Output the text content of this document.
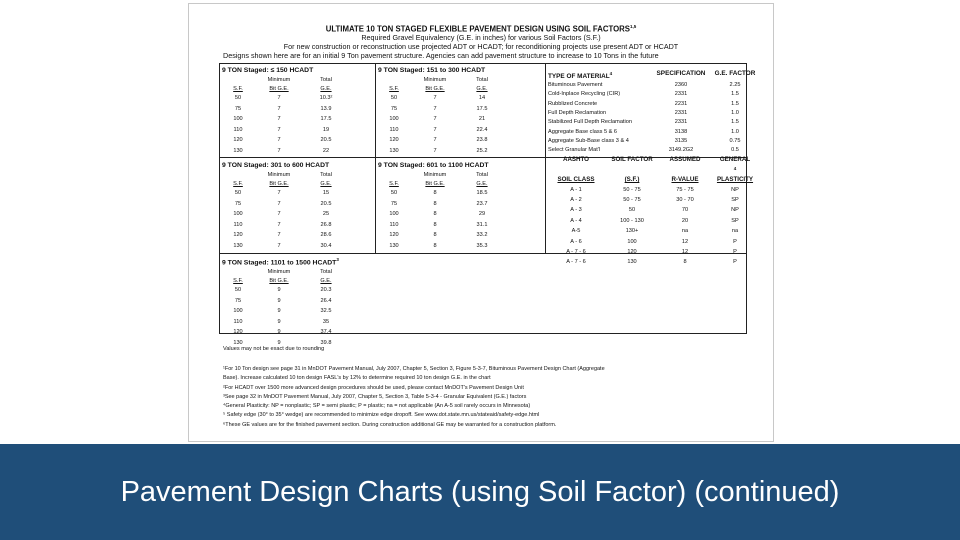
ULTIMATE 10 TON STAGED FLEXIBLE PAVEMENT DESIGN USING SOIL FACTORS$^{1,5}$
Required Gravel Equivalency (G.E. in inches) for various Soil Factors (S.F.)
For new construction or reconstruction use projected ADT or HCADT; for reconditioning projects use present ADT or HCADT
Designs shown here are for an initial 9 Ton pavement structure. Agencies can add pavement structure to increase to 10 Tons in the future
9 TON Staged: ≤ 150 HCADT
Minimum	Total
S.F.	Bit G.E.	G.E.
50	7	10.3²
75	7	13.9
100	7	17.5
110	7	19
120	7	20.5
130	7	22
9 TON Staged: 151 to 300 HCADT
Minimum	Total
S.F.	Bit G.E.	G.E.
50	7	14
75	7	17.5
100	7	21
110	7	22.4
120	7	23.8
130	7	25.2
9 TON Staged: 301 to 600 HCADT
Minimum	Total
S.F.	Bit G.E.	G.E.
50	7	15
75	7	20.5
100	7	25
110	7	26.8
120	7	28.6
130	7	30.4
9 TON Staged: 601 to 1100 HCADT
Minimum	Total
S.F.	Bit G.E.	G.E.
50	8	18.5
75	8	23.7
100	8	29
110	8	31.1
120	8	33.2
130	8	35.3
9 TON Staged: 1101 to 1500 HCADT$^3$
Minimum	Total
S.F.	Bit G.E.	G.E.
50	9	20.3
75	9	26.4
100	9	32.5
110	9	35
120	9	37.4
130	9	39.8
TYPE OF MATERIAL$^4$	SPECIFICATION	G.E. FACTOR
Bituminous Pavement	2360	2.25
Cold-Inplace Recycling (CIR)	2331	1.5
Rubblized Concrete	2231	1.5
Full Depth Reclamation	2331	1.0
Stabilized Full Depth Reclamation	2331	1.5
Aggregate Base class 5 & 6	3138	1.0
Aggregate Sub-Base class 3 & 4	3135	0.75
Select Granular Mat'l	3149.2G2	0.5
AASHTO	SOIL FACTOR	ASSUMED	GENERAL
$^4$
SOIL CLASS	(S.F.)	R-VALUE	PLASTICITY
A - 1	50 - 75	75 - 75	NP
A - 2	50 - 75	30 - 70	SP
A - 3	50	70	NP
A - 4	100 - 130	20	SP
A-5	130+	na	na
A - 6	100	12	P
A - 7 - 6	120	12	P
A - 7 - 6	130	8	P
Values may not be exact due to rounding
¹For 10 Ton design see page 31 in MnDOT Pavement Manual, July 2007, Chapter 5, Section 3, Figure 5-3-7, Bituminous Pavement Design Chart (Aggregate
Base). Increase calculated 10 ton design FASL's by 12% to determine required 10 ton design G.E. in the chart
²For HCADT over 1500 more advanced design procedures should be used, please contact MnDOT's Pavement Design Unit
³See page 32 in MnDOT Pavement Manual, July 2007, Chapter 5, Section 3, Table 5-3-4 - Granular Equivalent (G.E.) factors
⁴General Plasticity: NP = nonplastic; SP = semi plastic; P = plastic; na = not applicable (An A-5 soil rarely occurs in Minnesota)
⁵ Safety edge (30° to 35° wedge) are recommended to minimize edge dropoff. See www.dot.state.mn.us/stateaid/safety-edge.html
⁶These GE values are for the finished pavement section. During construction additional GE may be warranted for a construction platform.
Pavement Design Charts (using Soil Factor) (continued)
